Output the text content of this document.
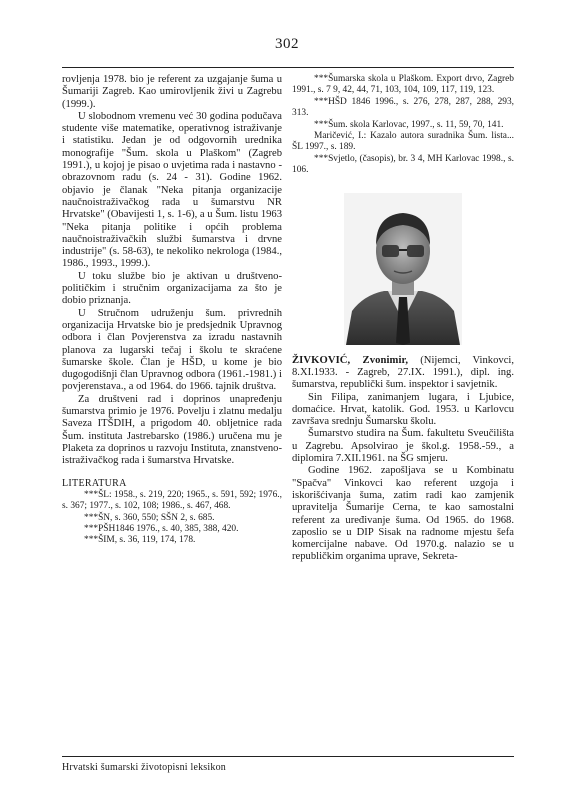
302

rovljenja 1978. bio je referent za uzgajanje šuma u Šumariji Zagreb. Kao umirovljenik živi u Zagrebu (1999.).

U slobodnom vremenu već 30 godina podučava studente više matematike, operativnog istraživanje i statistiku. Jedan je od odgovornih urednika monografije "Šum. skola u Plaškom" (Zagreb 1991.), u kojoj je pisao o uvjetima rada i nastavno - obrazovnom radu (s. 24 - 31). Godine 1962. objavio je članak "Neka pitanja organizacije naučnoistraživačkog rada u šumarstvu NR Hrvatske" (Obavijesti 1, s. 1-6), a u Šum. listu 1963 "Neka pitanja politike i općih problema naučnoistraživačkih službi šumarstva i drvne industrije" (s. 58-63), te nekoliko nekrologa (1984., 1986., 1993., 1999.).

U toku službe bio je aktivan u društveno-političkim i stručnim organizacijama za što je dobio priznanja.

U Stručnom udruženju šum. privrednih organizacija Hrvatske bio je predsjednik Upravnog odbora i član Povjerenstva za izradu nastavnih planova za lugarski tečaj i školu te skraćene šumarske škole. Član je HŠD, u kome je bio dugogodišnji član Upravnog odbora (1961.-1981.) i povjerenstava., a od 1964. do 1966. tajnik društva.

Za društveni rad i doprinos unapređenju šumarstva primio je 1976. Povelju i zlatnu medalju Saveza ITŠDIH, a prigodom 40. obljetnice rada Šum. instituta Jastrebarsko (1986.) uručena mu je Plaketa za doprinos u razvoju Instituta, znanstveno-istraživačkog rada i šumarstva Hrvatske.

LITERATURA

***ŠL: 1958., s. 219, 220; 1965., s. 591, 592; 1976., s. 367; 1977., s. 102, 108; 1986., s. 467, 468.

***ŠN, s. 360, 550; SŠN 2, s. 685.

***PŠH1846 1976., s. 40, 385, 388, 420.

***ŠIM, s. 36, 119, 174, 178.

***Šumarska skola u Plaškom. Export drvo, Zagreb 1991., s. 7 9, 42, 44, 71, 103, 104, 109, 117, 119, 123.

***HŠD 1846 1996., s. 276, 278, 287, 288, 293, 313.

***Šum. skola Karlovac, 1997., s. 11, 59, 70, 141.

Maričević, I.: Kazalo autora suradnika Šum. lista... ŠL 1997., s. 189.

***Svjetlo, (časopis), br. 3 4, MH Karlovac 1998., s. 106.

ŽIVKOVIĆ, Zvonimir, (Nijemci, Vinkovci, 8.XI.1933. - Zagreb, 27.IX. 1991.), dipl. ing. šumarstva, republički šum. inspektor i savjetnik.

Sin Filipa, zanimanjem lugara, i Ljubice, domaćice. Hrvat, katolik. God. 1953. u Karlovcu završava srednju Šumarsku školu.

Šumarstvo studira na Šum. fakultetu Sveučilišta u Zagrebu. Apsolvirao je škol.g. 1958.-59., a diplomira 7.XII.1961. na ŠG smjeru.

Godine 1962. zapošljava se u Kombinatu "Spačva" Vinkovci kao referent uzgoja i iskorišćivanja šuma, zatim radi kao zamjenik upravitelja Šumarije Cerna, te kao samostalni referent za uređivanje šuma. Od 1965. do 1968. zaposlio se u DIP Sisak na radnome mjestu šefa komercijalne nabave. Od 1970.g. nalazio se u republičkim organima uprave, Sekreta-

Hrvatski šumarski životopisni leksikon
